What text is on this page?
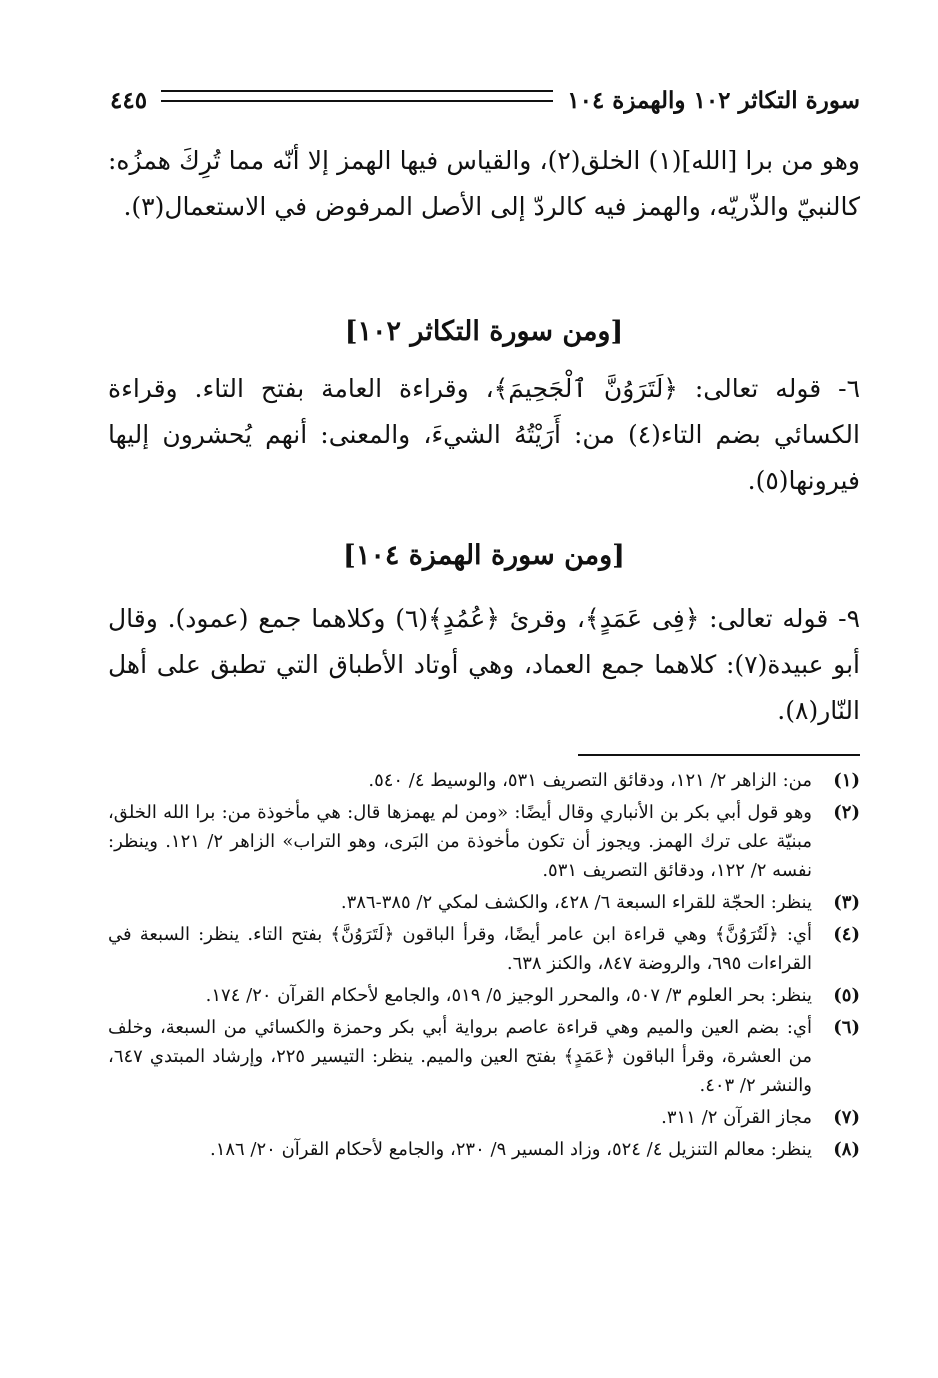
سورة التكاثر ١٠٢ والهمزة ١٠٤
٤٤٥
وهو من برا [الله](١) الخلق(٢)، والقياس فيها الهمز إلا أنّه مما تُرِكَ همزُه: كالنبيّ والذّريّه، والهمز فيه كالردّ إلى الأصل المرفوض في الاستعمال(٣).
[ومن سورة التكاثر ١٠٢]
٦- قوله تعالى: ﴿لَتَرَوُنَّ ٱلْجَحِيمَ﴾، وقراءة العامة بفتح التاء. وقراءة الكسائي بضم التاء(٤) من: أَرَيْتُهُ الشيءَ، والمعنى: أنهم يُحشرون إليها فيرونها(٥).
[ومن سورة الهمزة ١٠٤]
٩- قوله تعالى: ﴿فِى عَمَدٍ﴾، وقرئ ﴿عُمُدٍ﴾(٦) وكلاهما جمع (عمود). وقال أبو عبيدة(٧): كلاهما جمع العماد، وهي أوتاد الأطباق التي تطبق على أهل النّار(٨).
(١)
من: الزاهر ٢/ ١٢١، ودقائق التصريف ٥٣١، والوسيط ٤/ ٥٤٠.
(٢)
وهو قول أبي بكر بن الأنباري وقال أيضًا: «ومن لم يهمزها قال: هي مأخوذة من: برا الله الخلق، مبنيّة على ترك الهمز. ويجوز أن تكون مأخوذة من البَرى، وهو التراب» الزاهر ٢/ ١٢١. وينظر: نفسه ٢/ ١٢٢، ودقائق التصريف ٥٣١.
(٣)
ينظر: الحجّة للقراء السبعة ٦/ ٤٢٨، والكشف لمكي ٢/ ٣٨٥-٣٨٦.
(٤)
أي: ﴿لَتُرَوُنَّ﴾ وهي قراءة ابن عامر أيضًا، وقرأ الباقون ﴿لَتَرَوُنَّ﴾ بفتح التاء. ينظر: السبعة في القراءات ٦٩٥، والروضة ٨٤٧، والكنز ٦٣٨.
(٥)
ينظر: بحر العلوم ٣/ ٥٠٧، والمحرر الوجيز ٥/ ٥١٩، والجامع لأحكام القرآن ٢٠/ ١٧٤.
(٦)
أي: بضم العين والميم وهي قراءة عاصم برواية أبي بكر وحمزة والكسائي من السبعة، وخلف من العشرة، وقرأ الباقون ﴿عَمَدٍ﴾ بفتح العين والميم. ينظر: التيسير ٢٢٥، وإرشاد المبتدي ٦٤٧، والنشر ٢/ ٤٠٣.
(٧)
مجاز القرآن ٢/ ٣١١.
(٨)
ينظر: معالم التنزيل ٤/ ٥٢٤، وزاد المسير ٩/ ٢٣٠، والجامع لأحكام القرآن ٢٠/ ١٨٦.
